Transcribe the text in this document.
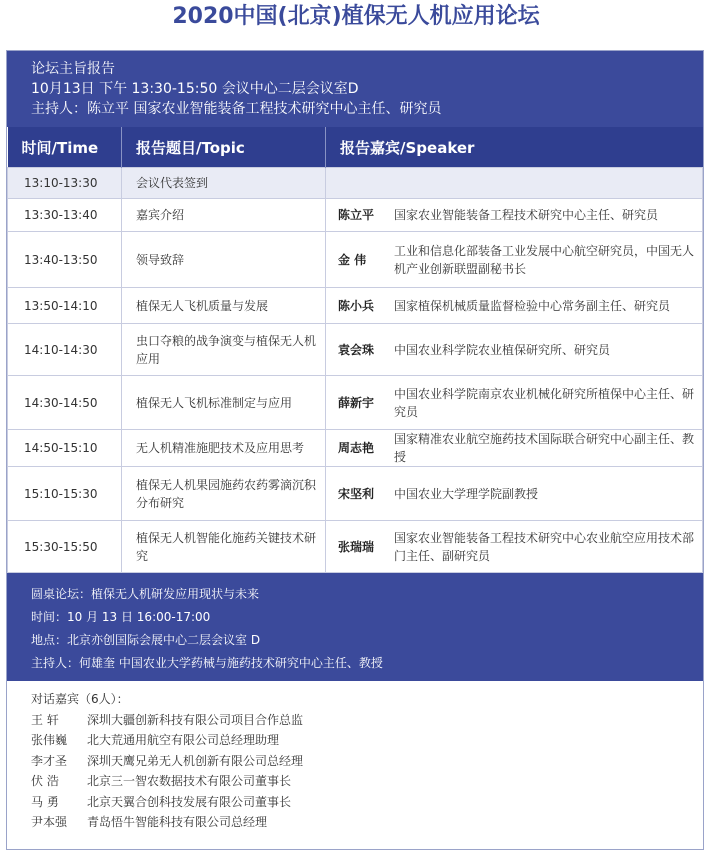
2020中国(北京)植保无人机应用论坛
论坛主旨报告
10月13日 下午 13:30-15:50 会议中心二层会议室D
主持人：陈立平 国家农业智能装备工程技术研究中心主任、研究员
时间/Time	报告题目/Topic	报告嘉宾/Speaker
13:10-13:30	会议代表签到	

13:30-13:40	嘉宾介绍	陈立平 国家农业智能装备工程技术研究中心主任、研究员

13:40-13:50	领导致辞	金 伟
工业和信息化部装备工业发展中心航空研究员，中国无人机产业创新联盟副秘书长

13:50-14:10	植保无人飞机质量与发展	陈小兵 国家植保机械质量监督检验中心常务副主任、研究员

14:10-14:30	虫口夺粮的战争演变与植保无人机应用	袁会珠 中国农业科学院农业植保研究所、研究员

14:30-14:50	植保无人飞机标准制定与应用	薛新宇
中国农业科学院南京农业机械化研究所植保中心主任、研究员

14:50-15:10	无人机精准施肥技术及应用思考	周志艳
国家精准农业航空施药技术国际联合研究中心副主任、教授

15:10-15:30	植保无人机果园施药农药雾滴沉积分布研究	宋坚利 中国农业大学理学院副教授

15:30-15:50	植保无人机智能化施药关键技术研究	张瑞瑞
国家农业智能装备工程技术研究中心农业航空应用技术部门主任、副研究员
圆桌论坛：植保无人机研发应用现状与未来
时间：10 月 13 日 16:00-17:00
地点：北京亦创国际会展中心二层会议室 D
主持人：何雄奎 中国农业大学药械与施药技术研究中心主任、教授
对话嘉宾（6人）：
王 轩	深圳大疆创新科技有限公司项目合作总监
张伟巍	北大荒通用航空有限公司总经理助理
李才圣	深圳天鹰兄弟无人机创新有限公司总经理
伏 浩	北京三一智农数据技术有限公司董事长
马 勇	北京天翼合创科技发展有限公司董事长
尹本强	青岛悟牛智能科技有限公司总经理
